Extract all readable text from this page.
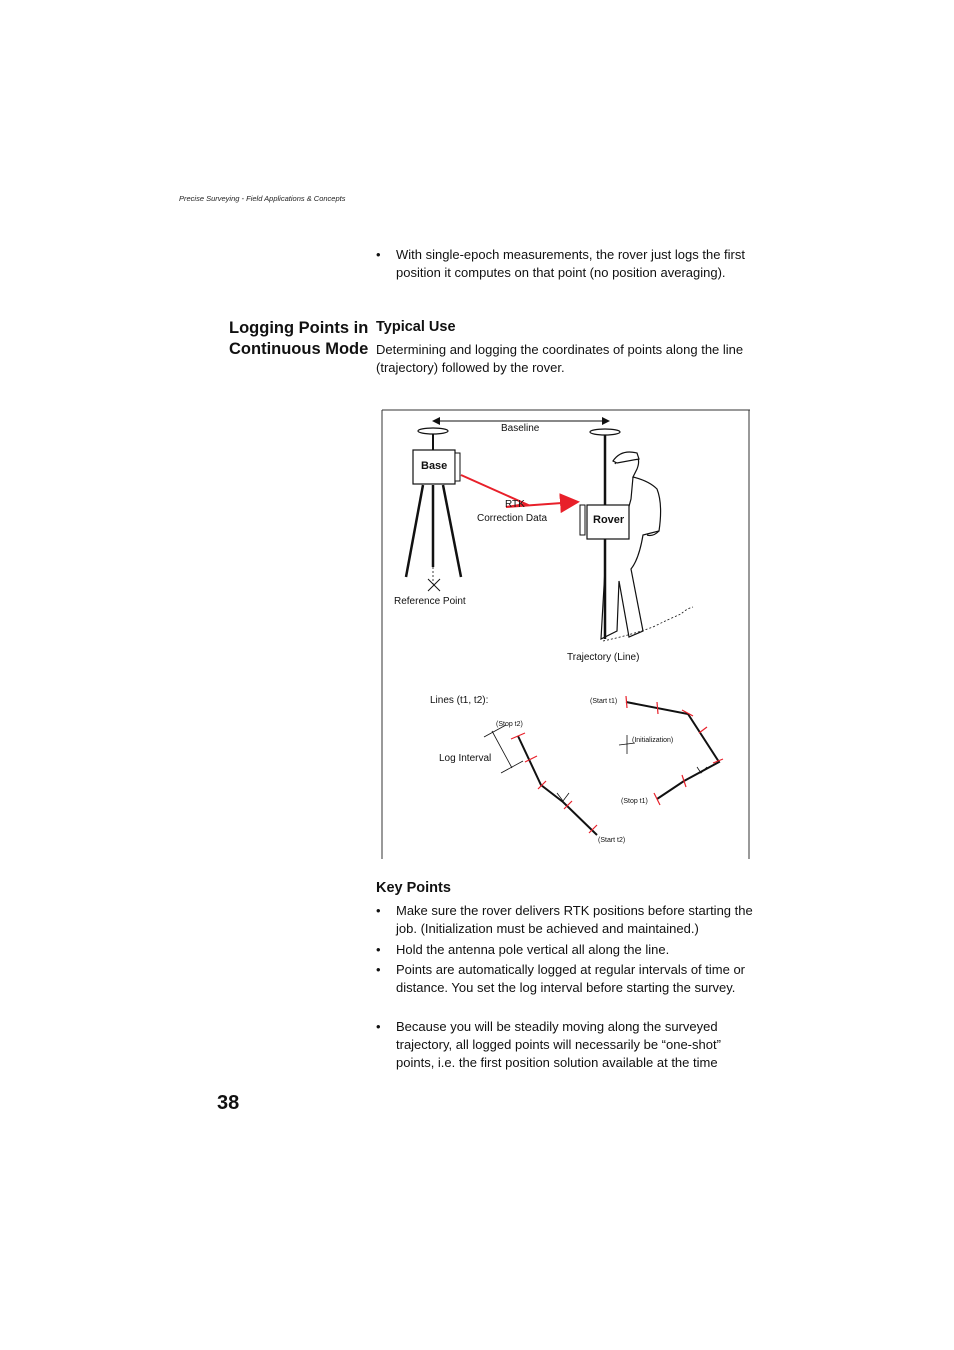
Precise Surveying - Field Applications & Concepts
• With single-epoch measurements, the rover just logs the first position it computes on that point (no position averaging).
Logging Points in Continuous Mode
Typical Use
Determining and logging the coordinates of points along the line (trajectory) followed by the rover.
Baseline
Base
RTK
Correction Data
Reference Point
Rover
Trajectory (Line)
Lines (t1, t2):
(Stop t2)
(Start t2)
Log Interval
(Start t1)
(Stop t1)
(Initialization)
Key Points
• Make sure the rover delivers RTK positions before starting the job. (Initialization must be achieved and maintained.)
• Hold the antenna pole vertical all along the line.
• Points are automatically logged at regular intervals of time or distance. You set the log interval before starting the survey.
• Because you will be steadily moving along the surveyed trajectory, all logged points will necessarily be “one-shot” points, i.e. the first position solution available at the time
38
